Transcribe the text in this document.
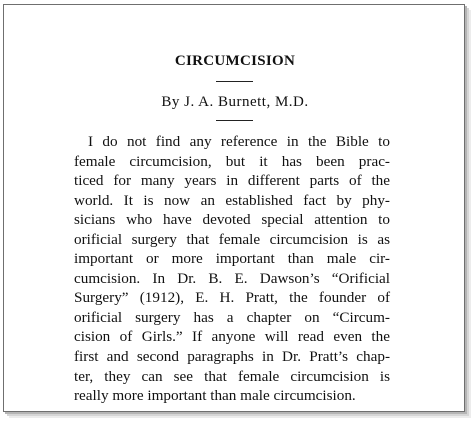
CIRCUMCISION
By J. A. Burnett, M.D.
I do not find any reference in the Bible to
female circumcision, but it has been prac-
ticed for many years in different parts of the
world. It is now an established fact by phy-
sicians who have devoted special attention to
orificial surgery that female circumcision is as
important or more important than male cir-
cumcision. In Dr. B. E. Dawson’s “Orificial
Surgery” (1912), E. H. Pratt, the founder of
orificial surgery has a chapter on “Circum-
cision of Girls.” If anyone will read even the
first and second paragraphs in Dr. Pratt’s chap-
ter, they can see that female circumcision is
really more important than male circumcision.
